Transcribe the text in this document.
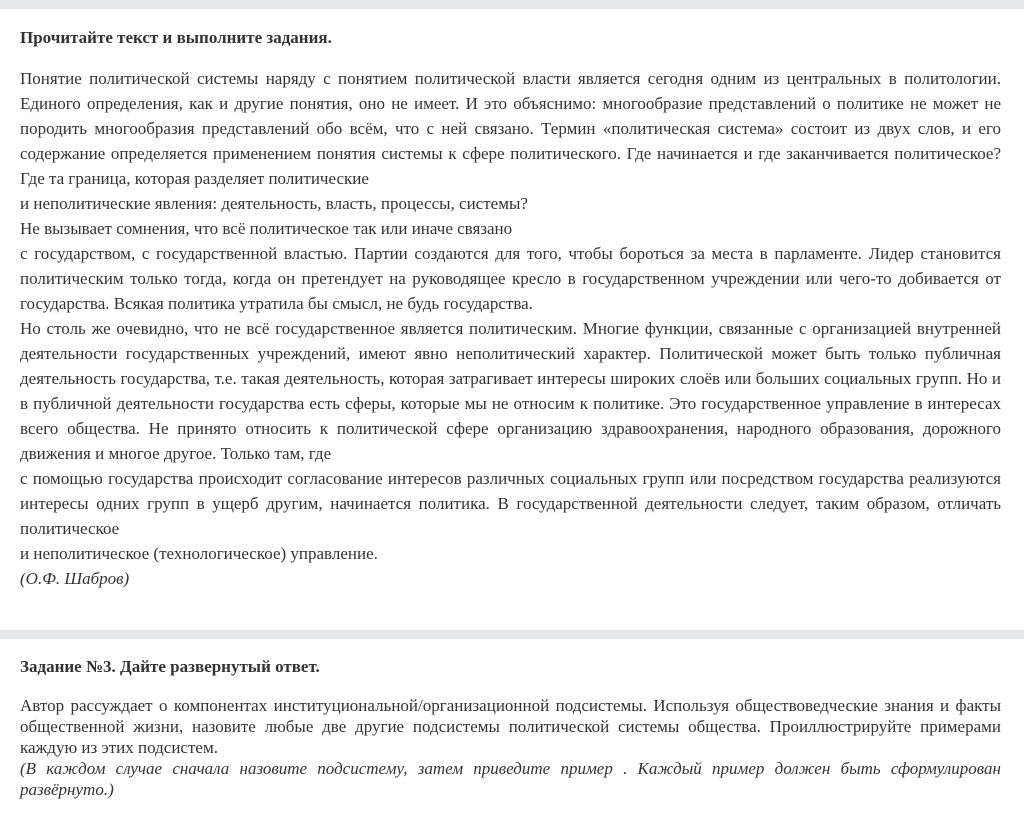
Прочитайте текст и выполните задания.

Понятие политической системы наряду с понятием политической власти является сегодня одним из центральных в политологии. Единого определения, как и другие понятия, оно не имеет. И это объяснимо: многообразие представлений о политике не может не породить многообразия представлений обо всём, что с ней связано. Термин «политическая система» состоит из двух слов, и его содержание определяется применением понятия системы к сфере политического. Где начинается и где заканчивается политическое? Где та граница, которая разделяет политические

и неполитические явления: деятельность, власть, процессы, системы?

Не вызывает сомнения, что всё политическое так или иначе связано

с государством, с государственной властью. Партии создаются для того, чтобы бороться за места в парламенте. Лидер становится политическим только тогда, когда он претендует на руководящее кресло в государственном учреждении или чего-то добивается от государства. Всякая политика утратила бы смысл, не будь государства.

Но столь же очевидно, что не всё государственное является политическим. Многие функции, связанные с организацией внутренней деятельности государственных учреждений, имеют явно неполитический характер. Политической может быть только публичная деятельность государства, т.е. такая деятельность, которая затрагивает интересы широких слоёв или больших социальных групп. Но и в публичной деятельности государства есть сферы, которые мы не относим к политике. Это государственное управление в интересах всего общества. Не принято относить к политической сфере организацию здравоохранения, народного образования, дорожного движения и многое другое. Только там, где

с помощью государства происходит согласование интересов различных социальных групп или посредством государства реализуются интересы одних групп в ущерб другим, начинается политика. В государственной деятельности следует, таким образом, отличать политическое

и неполитическое (технологическое) управление.

(О.Ф. Шабров)

Задание №3. Дайте развернутый ответ.

Автор рассуждает о компонентах институциональной/организационной подсистемы. Используя обществоведческие знания и факты общественной жизни, назовите любые две другие подсистемы политической системы общества. Проиллюстрируйте примерами каждую из этих подсистем.

(В каждом случае сначала назовите подсистему, затем приведите пример . Каждый пример должен быть сформулирован развёрнуто.)
